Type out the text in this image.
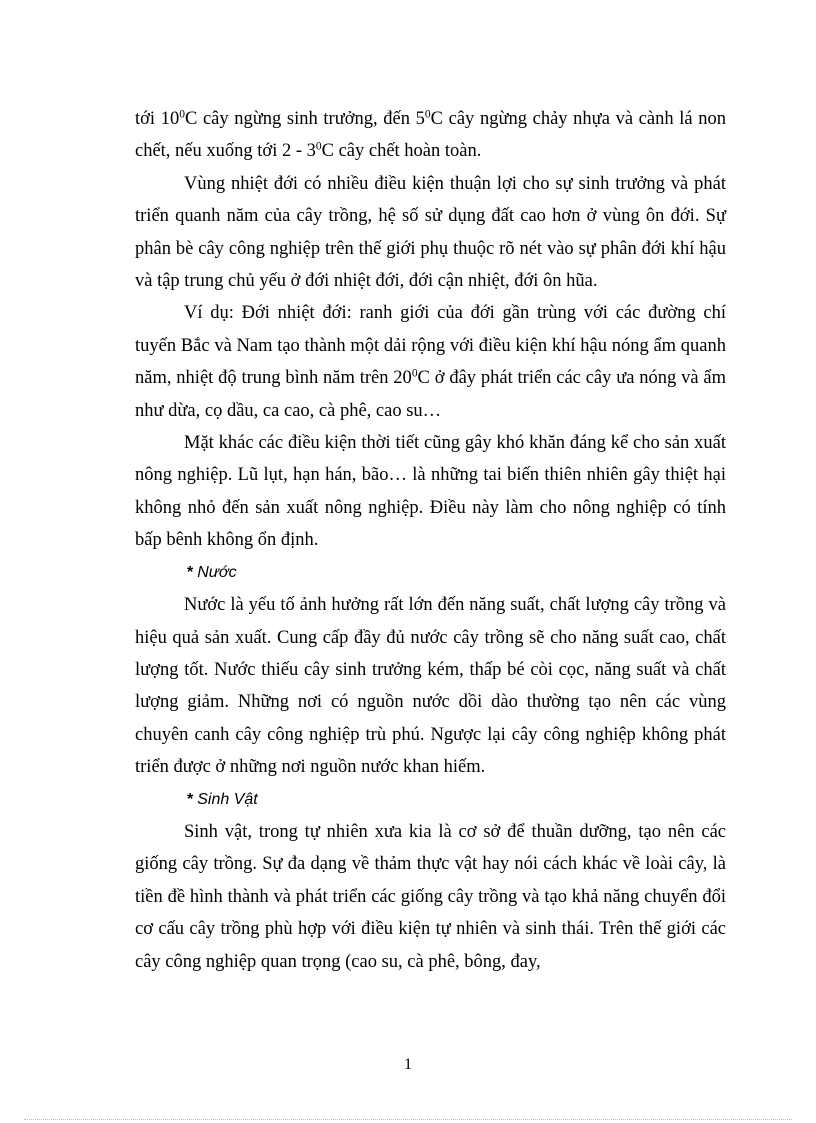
tới $10^0C$ cây ngừng sinh trưởng, đến $5^0C$ cây ngừng chảy nhựa và cành lá non chết, nếu xuống tới $2 - 3^0C$ cây chết hoàn toàn.

Vùng nhiệt đới có nhiều điều kiện thuận lợi cho sự sinh trưởng và phát triển quanh năm của cây trồng, hệ số sử dụng đất cao hơn ở vùng ôn đới. Sự phân bè cây công nghiệp trên thế giới phụ thuộc rõ nét vào sự phân đới khí hậu và tập trung chủ yếu ở đới nhiệt đới, đới cận nhiệt, đới ôn hũa.

Ví dụ: Đới nhiệt đới: ranh giới của đới gần trùng với các đường chí tuyến Bắc và Nam tạo thành một dải rộng với điều kiện khí hậu nóng ẩm quanh năm, nhiệt độ trung bình năm trên $20^0C$ ở đây phát triển các cây ưa nóng và ẩm như dừa, cọ dầu, ca cao, cà phê, cao su…

Mặt khác các điều kiện thời tiết cũng gây khó khăn đáng kể cho sản xuất nông nghiệp. Lũ lụt, hạn hán, bão… là những tai biến thiên nhiên gây thiệt hại không nhỏ đến sản xuất nông nghiệp. Điều này làm cho nông nghiệp có tính bấp bênh không ổn định.

* Nước

Nước là yếu tố ảnh hưởng rất lớn đến năng suất, chất lượng cây trồng và hiệu quả sản xuất. Cung cấp đầy đủ nước cây trồng sẽ cho năng suất cao, chất lượng tốt. Nước thiếu cây sinh trưởng kém, thấp bé còi cọc, năng suất và chất lượng giảm. Những nơi có nguồn nước dồi dào thường tạo nên các vùng chuyên canh cây công nghiệp trù phú. Ngược lại cây công nghiệp không phát triển được ở những nơi nguồn nước khan hiếm.

* Sinh Vật

Sinh vật, trong tự nhiên xưa kia là cơ sở để thuần dưỡng, tạo nên các giống cây trồng. Sự đa dạng về thảm thực vật hay nói cách khác về loài cây, là tiền đề hình thành và phát triển các giống cây trồng và tạo khả năng chuyển đổi cơ cấu cây trồng phù hợp với điều kiện tự nhiên và sinh thái. Trên thế giới các cây công nghiệp quan trọng (cao su, cà phê, bông, đay,

1
